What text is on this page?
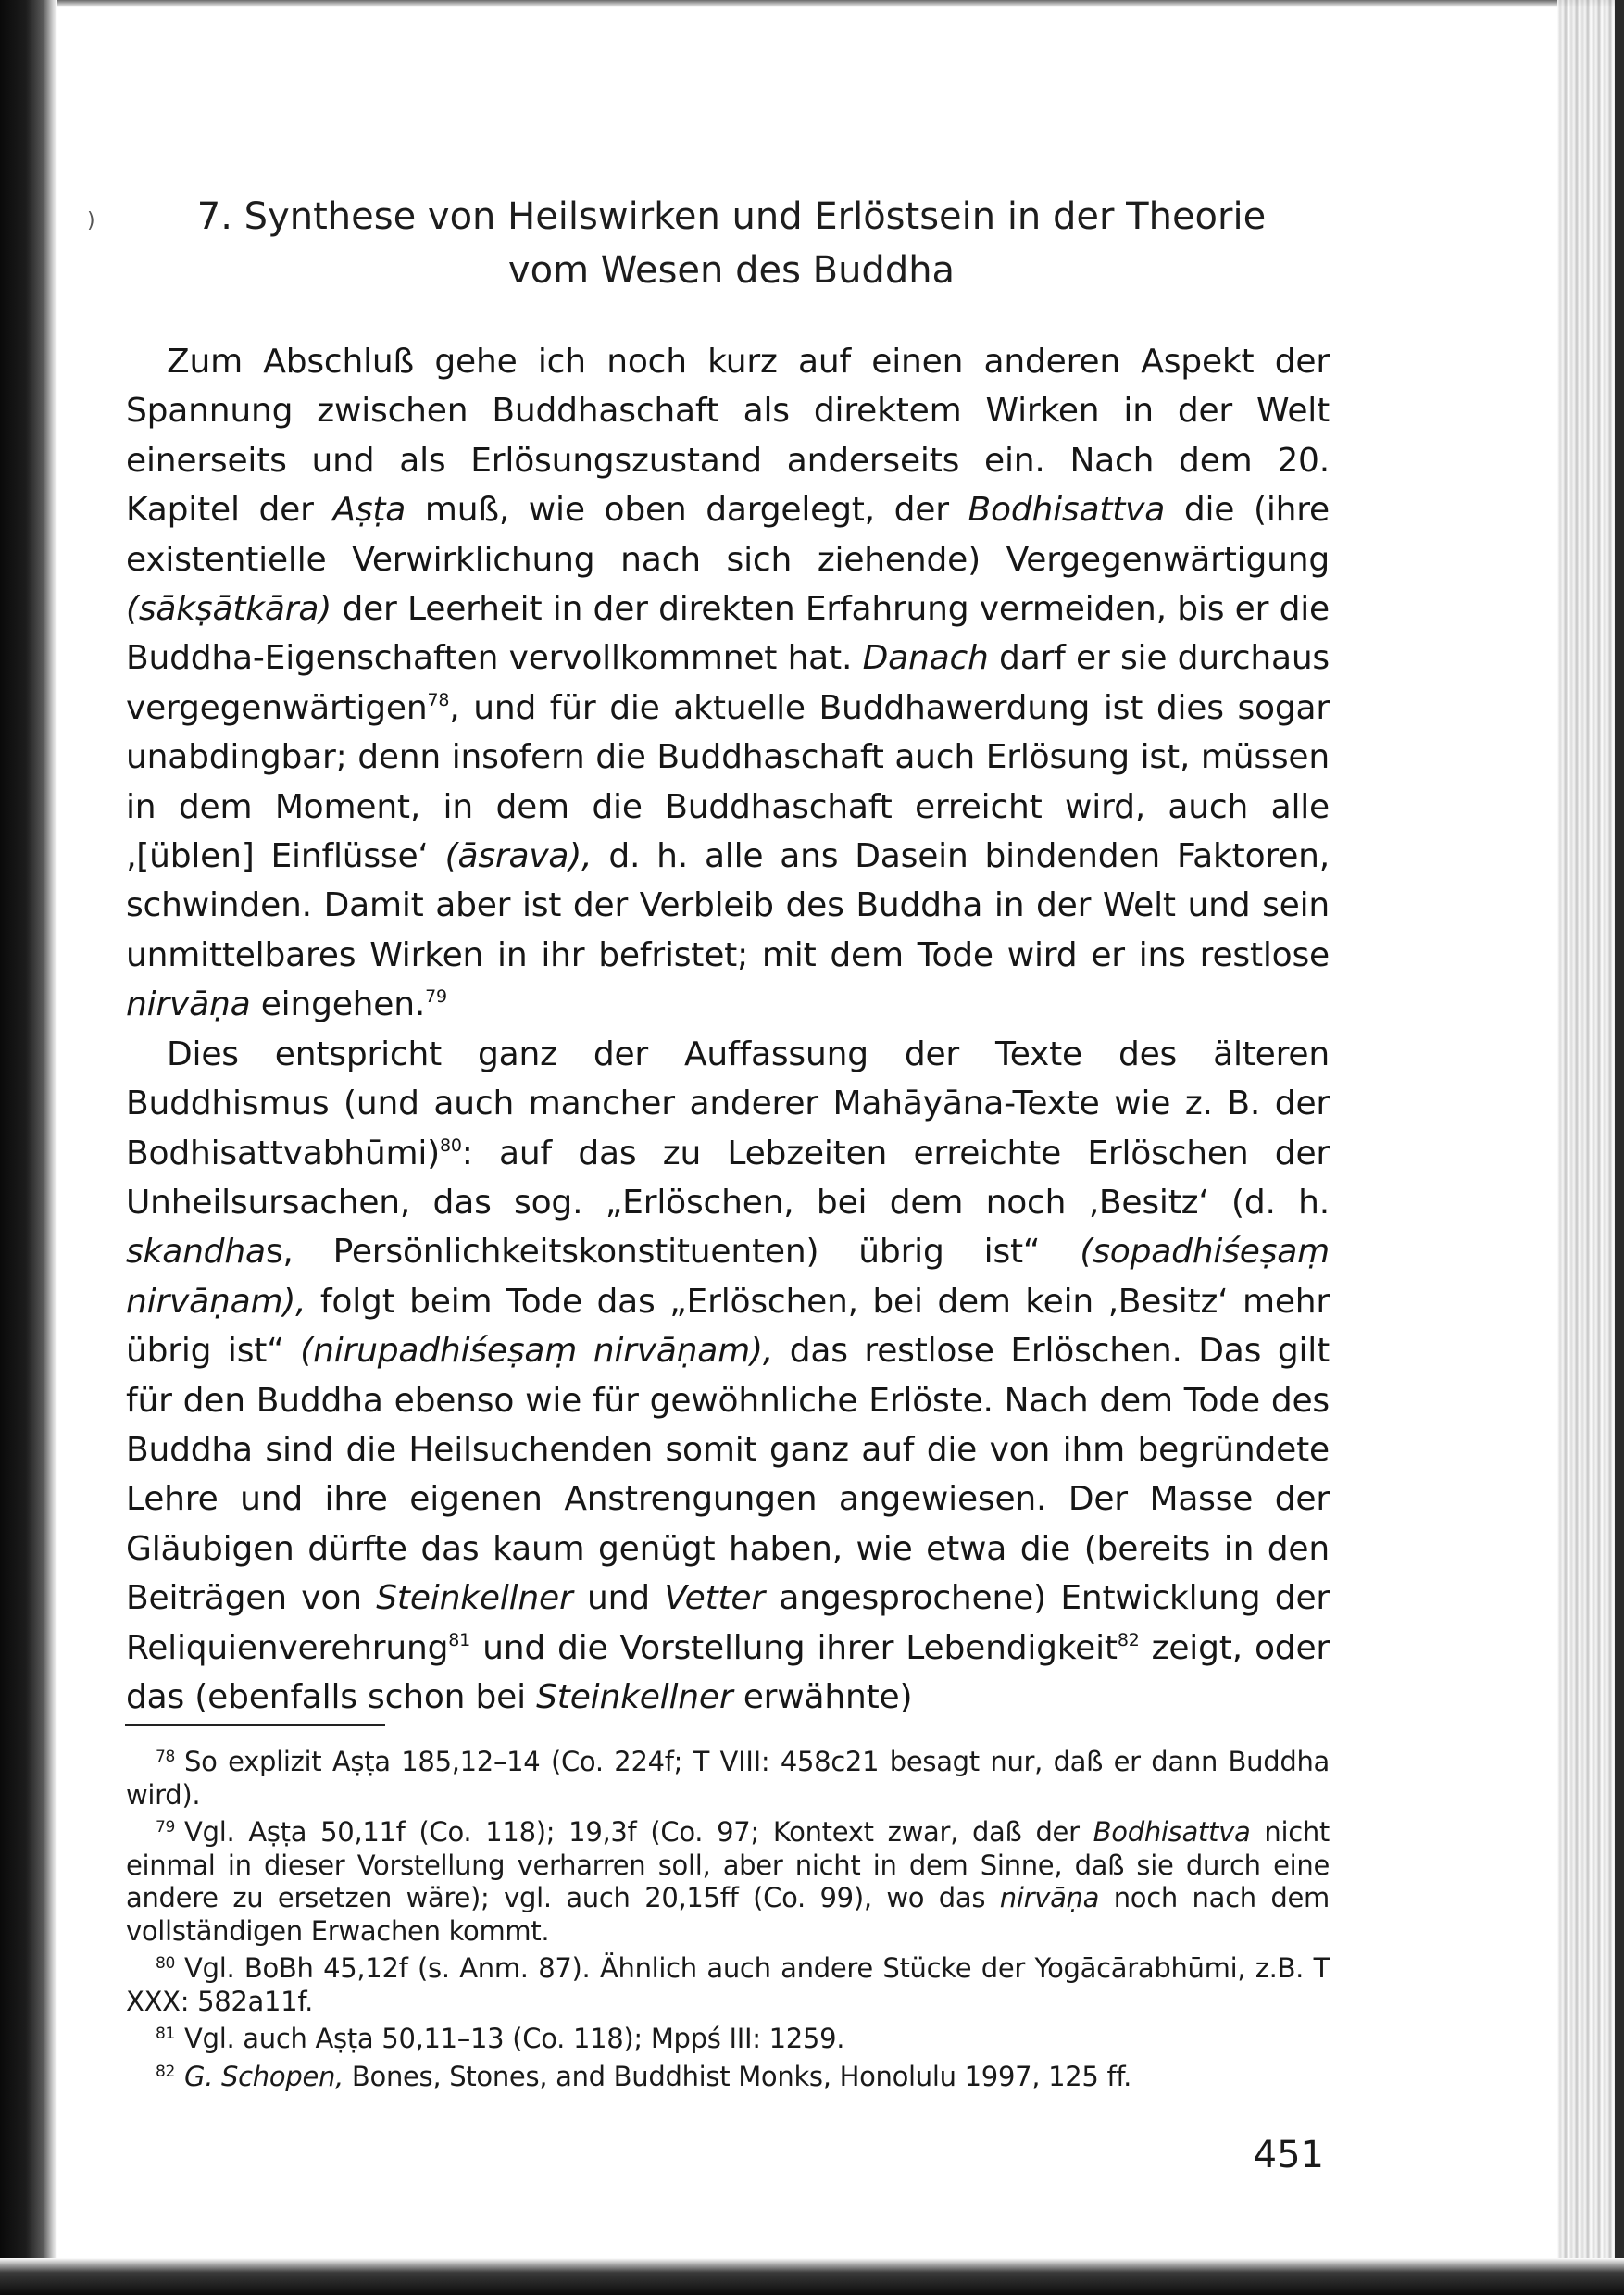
)	7. Synthese von Heilswirken und Erlöstsein in der Theorie
vom Wesen des Buddha

Zum Abschluß gehe ich noch kurz auf einen anderen Aspekt der Spannung zwischen Buddhaschaft als direktem Wirken in der Welt einerseits und als Erlösungszustand anderseits ein. Nach dem 20. Kapitel der Aṣṭa muß, wie oben dargelegt, der Bodhisattva die (ihre existentielle Verwirklichung nach sich ziehende) Vergegenwärtigung (sākṣātkāra) der Leerheit in der direkten Erfahrung vermeiden, bis er die Buddha-Eigenschaften vervollkommnet hat. Danach darf er sie durchaus vergegenwärtigen$^{78}$, und für die aktuelle Buddhawerdung ist dies sogar unabdingbar; denn insofern die Buddhaschaft auch Erlösung ist, müssen in dem Moment, in dem die Buddhaschaft erreicht wird, auch alle ‚[üblen] Einflüsse‘ (āsrava), d. h. alle ans Dasein bindenden Faktoren, schwinden. Damit aber ist der Verbleib des Buddha in der Welt und sein unmittelbares Wirken in ihr befristet; mit dem Tode wird er ins restlose nirvāṇa eingehen.$^{79}$

Dies entspricht ganz der Auffassung der Texte des älteren Buddhismus (und auch mancher anderer Mahāyāna-Texte wie z. B. der Bodhisattvabhūmi)$^{80}$: auf das zu Lebzeiten erreichte Erlöschen der Unheilsursachen, das sog. „Erlöschen, bei dem noch ‚Besitz‘ (d. h. skandhas, Persönlichkeitskonstituenten) übrig ist“ (sopadhiśeṣaṃ nirvāṇam), folgt beim Tode das „Erlöschen, bei dem kein ‚Besitz‘ mehr übrig ist“ (nirupadhiśeṣaṃ nirvāṇam), das restlose Erlöschen. Das gilt für den Buddha ebenso wie für gewöhnliche Erlöste. Nach dem Tode des Buddha sind die Heilsuchenden somit ganz auf die von ihm begründete Lehre und ihre eigenen Anstrengungen angewiesen. Der Masse der Gläubigen dürfte das kaum genügt haben, wie etwa die (bereits in den Beiträgen von Steinkellner und Vetter angesprochene) Entwicklung der Reliquienverehrung$^{81}$ und die Vorstellung ihrer Lebendigkeit$^{82}$ zeigt, oder das (ebenfalls schon bei Steinkellner erwähnte)

$^{78}$ So explizit Aṣṭa 185,12–14 (Co. 224f; T VIII: 458c21 besagt nur, daß er dann Buddha wird).

$^{79}$ Vgl. Aṣṭa 50,11f (Co. 118); 19,3f (Co. 97; Kontext zwar, daß der Bodhisattva nicht einmal in dieser Vorstellung verharren soll, aber nicht in dem Sinne, daß sie durch eine andere zu ersetzen wäre); vgl. auch 20,15ff (Co. 99), wo das nirvāṇa noch nach dem vollständigen Erwachen kommt.

$^{80}$ Vgl. BoBh 45,12f (s. Anm. 87). Ähnlich auch andere Stücke der Yogācārabhūmi, z.B. T XXX: 582a11f.

$^{81}$ Vgl. auch Aṣṭa 50,11–13 (Co. 118); Mppś III: 1259.

$^{82}$ G. Schopen, Bones, Stones, and Buddhist Monks, Honolulu 1997, 125 ff.

451
